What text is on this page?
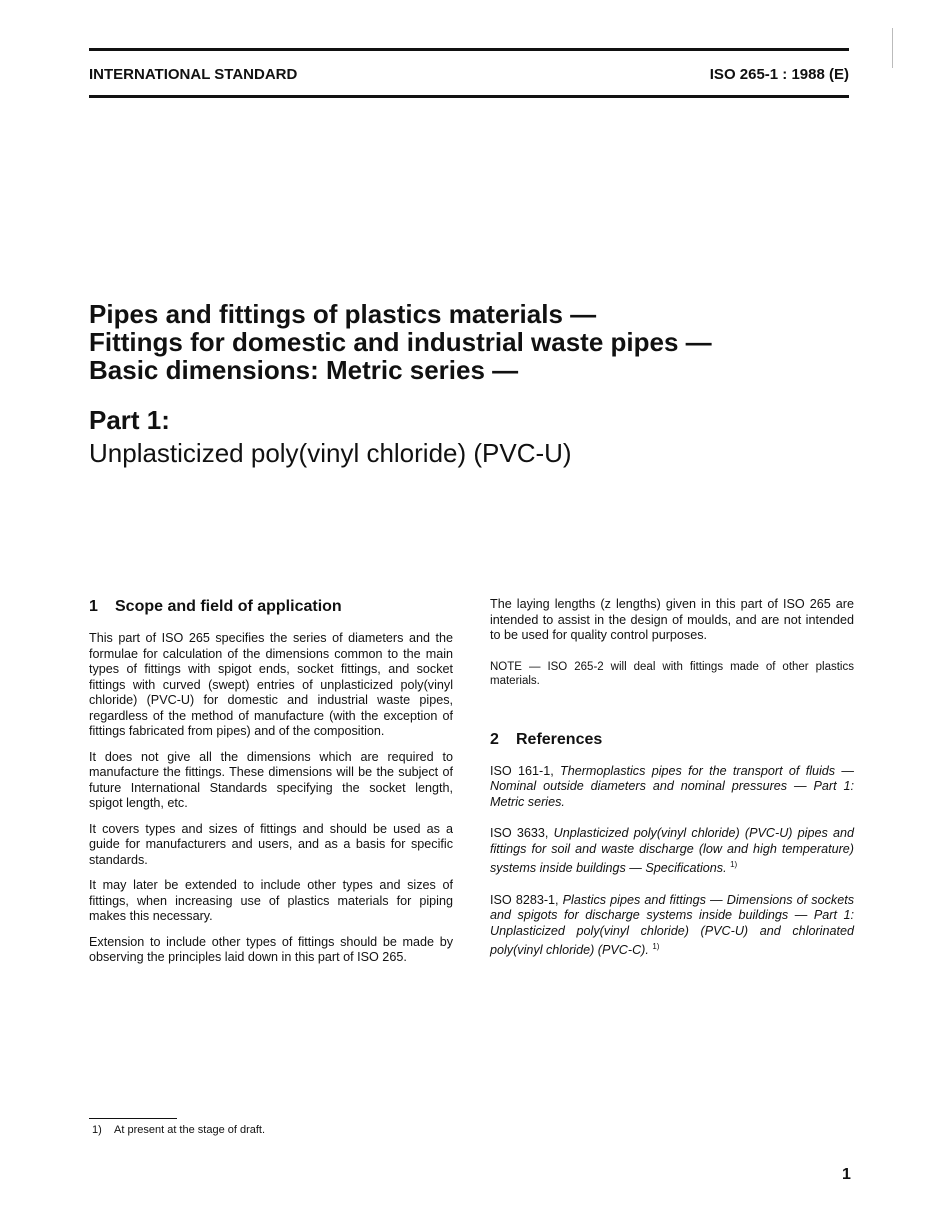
INTERNATIONAL STANDARD	ISO 265-1 : 1988 (E)

Pipes and fittings of plastics materials —

Fittings for domestic and industrial waste pipes —

Basic dimensions: Metric series —

Part 1:

Unplasticized poly(vinyl chloride) (PVC-U)

1 Scope and field of application

This part of ISO 265 specifies the series of diameters and the formulae for calculation of the dimensions common to the main types of fittings with spigot ends, socket fittings, and socket fittings with curved (swept) entries of unplasticized poly(vinyl chloride) (PVC-U) for domestic and industrial waste pipes, regardless of the method of manufacture (with the exception of fittings fabricated from pipes) and of the composition.

It does not give all the dimensions which are required to manufacture the fittings. These dimensions will be the subject of future International Standards specifying the socket length, spigot length, etc.

It covers types and sizes of fittings and should be used as a guide for manufacturers and users, and as a basis for specific standards.

It may later be extended to include other types and sizes of fittings, when increasing use of plastics materials for piping makes this necessary.

Extension to include other types of fittings should be made by observing the principles laid down in this part of ISO 265.

The laying lengths (z lengths) given in this part of ISO 265 are intended to assist in the design of moulds, and are not intended to be used for quality control purposes.

NOTE — ISO 265-2 will deal with fittings made of other plastics materials.

2 References

ISO 161-1, Thermoplastics pipes for the transport of fluids — Nominal outside diameters and nominal pressures — Part 1: Metric series.

ISO 3633, Unplasticized poly(vinyl chloride) (PVC-U) pipes and fittings for soil and waste discharge (low and high temperature) systems inside buildings — Specifications. $^{1)}$

ISO 8283-1, Plastics pipes and fittings — Dimensions of sockets and spigots for discharge systems inside buildings — Part 1: Unplasticized poly(vinyl chloride) (PVC-U) and chlorinated poly(vinyl chloride) (PVC-C). $^{1)}$

1) At present at the stage of draft.
1
